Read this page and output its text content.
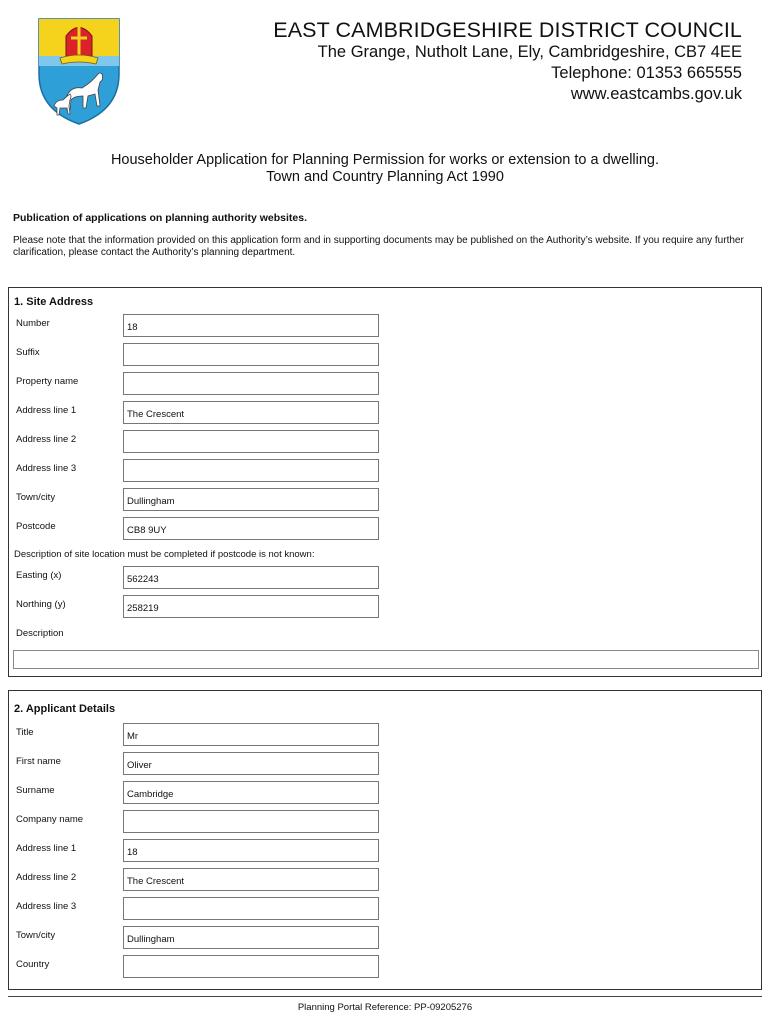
EAST CAMBRIDGESHIRE DISTRICT COUNCIL
The Grange, Nutholt Lane, Ely, Cambridgeshire, CB7 4EE
Telephone: 01353 665555
www.eastcambs.gov.uk
Householder Application for Planning Permission for works or extension to a dwelling.
Town and Country Planning Act 1990
Publication of applications on planning authority websites.
Please note that the information provided on this application form and in supporting documents may be published on the Authority’s website. If you require any further clarification, please contact the Authority’s planning department.
1. Site Address
Number	18
Suffix
Property name
Address line 1	The Crescent
Address line 2
Address line 3
Town/city	Dullingham
Postcode	CB8 9UY
Description of site location must be completed if postcode is not known:
Easting (x)	562243
Northing (y)	258219
Description
2. Applicant Details
Title	Mr
First name	Oliver
Surname	Cambridge
Company name
Address line 1	18
Address line 2	The Crescent
Address line 3
Town/city	Dullingham
Country
Planning Portal Reference: PP-09205276
